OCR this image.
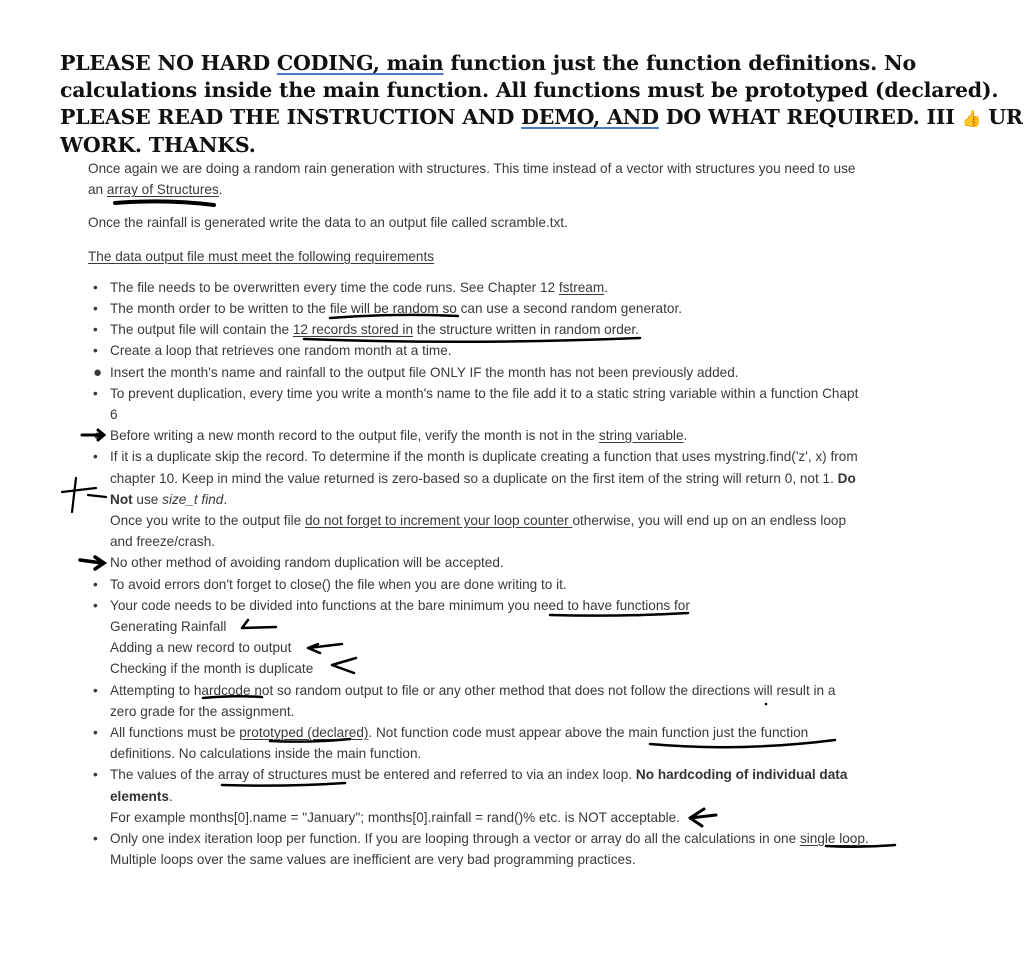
PLEASE NO HARD CODING, main function just the function definitions. No
calculations inside the main function. All functions must be prototyped (declared).
PLEASE READ THE INSTRUCTION AND DEMO, AND DO WHAT REQUIRED. III 👍 UR
WORK. THANKS.

Once again we are doing a random rain generation with structures. This time instead of a vector with structures you need to use
an array of Structures.

Once the rainfall is generated write the data to an output file called scramble.txt.

The data output file must meet the following requirements

• The file needs to be overwritten every time the code runs. See Chapter 12 fstream.
• The month order to be written to the file will be random so can use a second random generator.
• The output file will contain the 12 records stored in the structure written in random order.
• Create a loop that retrieves one random month at a time.
● Insert the month's name and rainfall to the output file ONLY IF the month has not been previously added.
• To prevent duplication, every time you write a month's name to the file add it to a static string variable within a function Chapt
6
● Before writing a new month record to the output file, verify the month is not in the string variable.
• If it is a duplicate skip the record. To determine if the month is duplicate creating a function that uses mystring.find('z', x) from
chapter 10. Keep in mind the value returned is zero-based so a duplicate on the first item of the string will return 0, not 1. Do
Not use size_t find.
Once you write to the output file do not forget to increment your loop counter otherwise, you will end up on an endless loop
and freeze/crash.
No other method of avoiding random duplication will be accepted.
• To avoid errors don't forget to close() the file when you are done writing to it.
• Your code needs to be divided into functions at the bare minimum you need to have functions for
Generating Rainfall
Adding a new record to output
Checking if the month is duplicate
• Attempting to hardcode not so random output to file or any other method that does not follow the directions will result in a
zero grade for the assignment.
• All functions must be prototyped (declared). Not function code must appear above the main function just the function
definitions. No calculations inside the main function.
• The values of the array of structures must be entered and referred to via an index loop. No hardcoding of individual data
elements.
For example months[0].name = "January"; months[0].rainfall = rand()% etc. is NOT acceptable.
• Only one index iteration loop per function. If you are looping through a vector or array do all the calculations in one single loop.
Multiple loops over the same values are inefficient are very bad programming practices.
